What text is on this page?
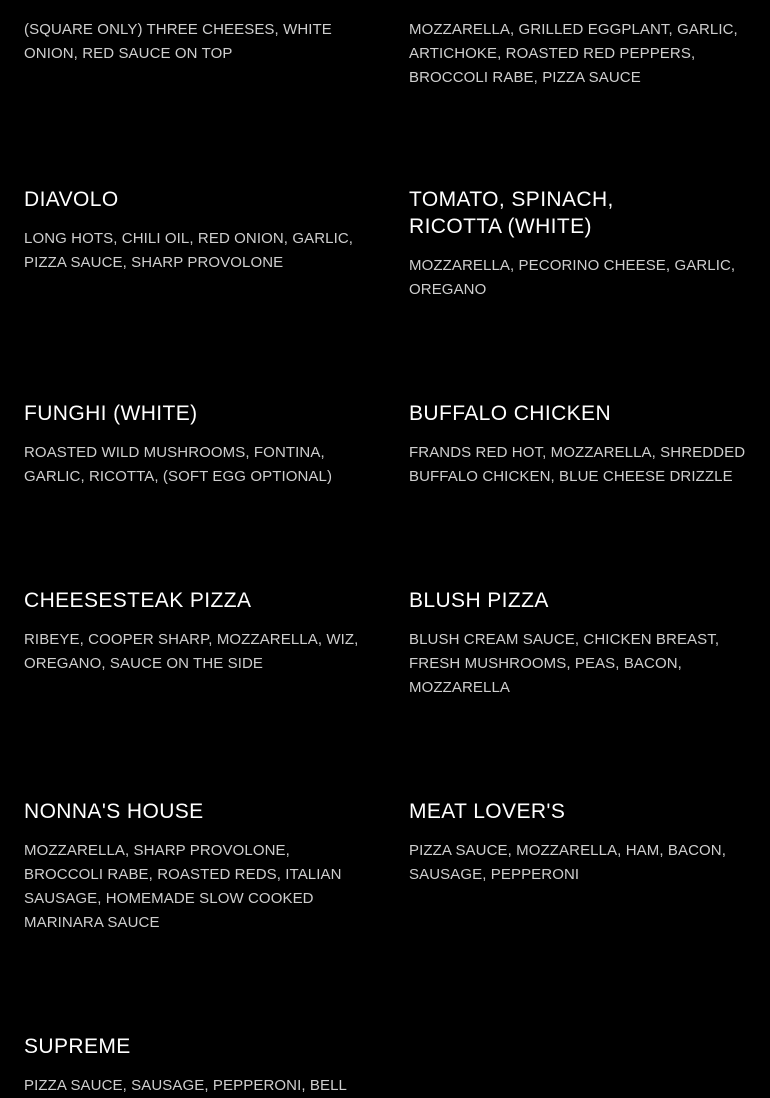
(SQUARE ONLY) THREE CHEESES, WHITE ONION, RED SAUCE ON TOP

MOZZARELLA, GRILLED EGGPLANT, GARLIC, ARTICHOKE, ROASTED RED PEPPERS, BROCCOLI RABE, PIZZA SAUCE

DIAVOLO

LONG HOTS, CHILI OIL, RED ONION, GARLIC, PIZZA SAUCE, SHARP PROVOLONE

TOMATO, SPINACH, RICOTTA (WHITE)

MOZZARELLA, PECORINO CHEESE, GARLIC, OREGANO

FUNGHI (WHITE)

ROASTED WILD MUSHROOMS, FONTINA, GARLIC, RICOTTA, (SOFT EGG OPTIONAL)

BUFFALO CHICKEN

FRANDS RED HOT, MOZZARELLA, SHREDDED BUFFALO CHICKEN, BLUE CHEESE DRIZZLE

CHEESESTEAK PIZZA

RIBEYE, COOPER SHARP, MOZZARELLA, WIZ, OREGANO, SAUCE ON THE SIDE

BLUSH PIZZA

BLUSH CREAM SAUCE, CHICKEN BREAST, FRESH MUSHROOMS, PEAS, BACON, MOZZARELLA

NONNA'S HOUSE

MOZZARELLA, SHARP PROVOLONE, BROCCOLI RABE, ROASTED REDS, ITALIAN SAUSAGE, HOMEMADE SLOW COOKED MARINARA SAUCE

MEAT LOVER'S

PIZZA SAUCE, MOZZARELLA, HAM, BACON, SAUSAGE, PEPPERONI

SUPREME

PIZZA SAUCE, SAUSAGE, PEPPERONI, BELL
